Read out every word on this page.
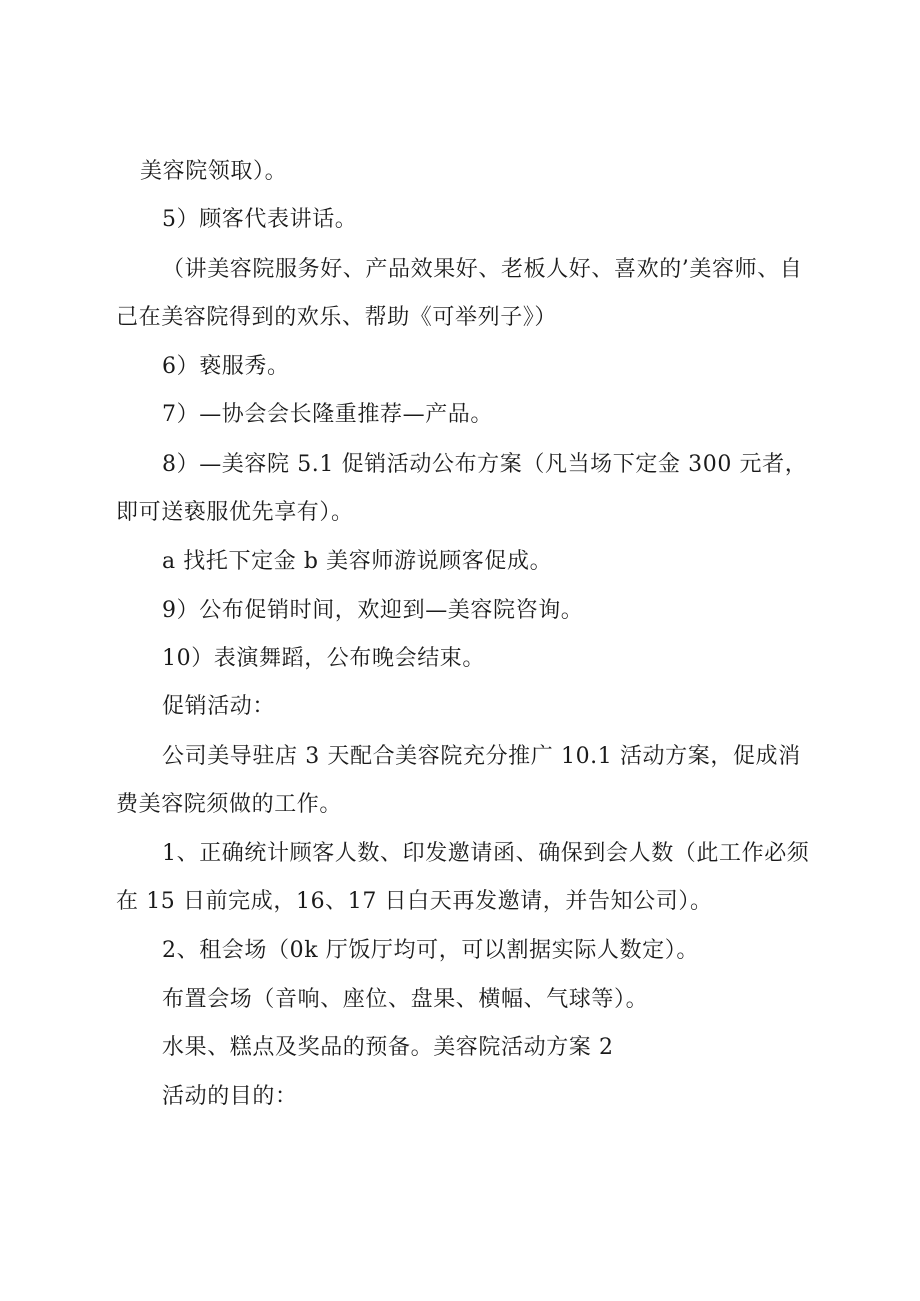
美容院领取）。
5）顾客代表讲话。
（讲美容院服务好、产品效果好、老板人好、喜欢的’美容师、自
己在美容院得到的欢乐、帮助《可举列子》）
6）亵服秀。
7）—协会会长隆重推荐—产品。
8）—美容院 5.1 促销活动公布方案（凡当场下定金 300 元者，
即可送亵服优先享有）。
a 找托下定金 b 美容师游说顾客促成。
9）公布促销时间，欢迎到—美容院咨询。
10）表演舞蹈，公布晚会结束。
促销活动：
公司美导驻店 3 天配合美容院充分推广 10.1 活动方案，促成消
费美容院须做的工作。
1、正确统计顾客人数、印发邀请函、确保到会人数（此工作必须
在 15 日前完成，16、17 日白天再发邀请，并告知公司）。
2、租会场（0k 厅饭厅均可，可以割据实际人数定）。
布置会场（音响、座位、盘果、横幅、气球等）。
水果、糕点及奖品的预备。美容院活动方案 2
活动的目的：
